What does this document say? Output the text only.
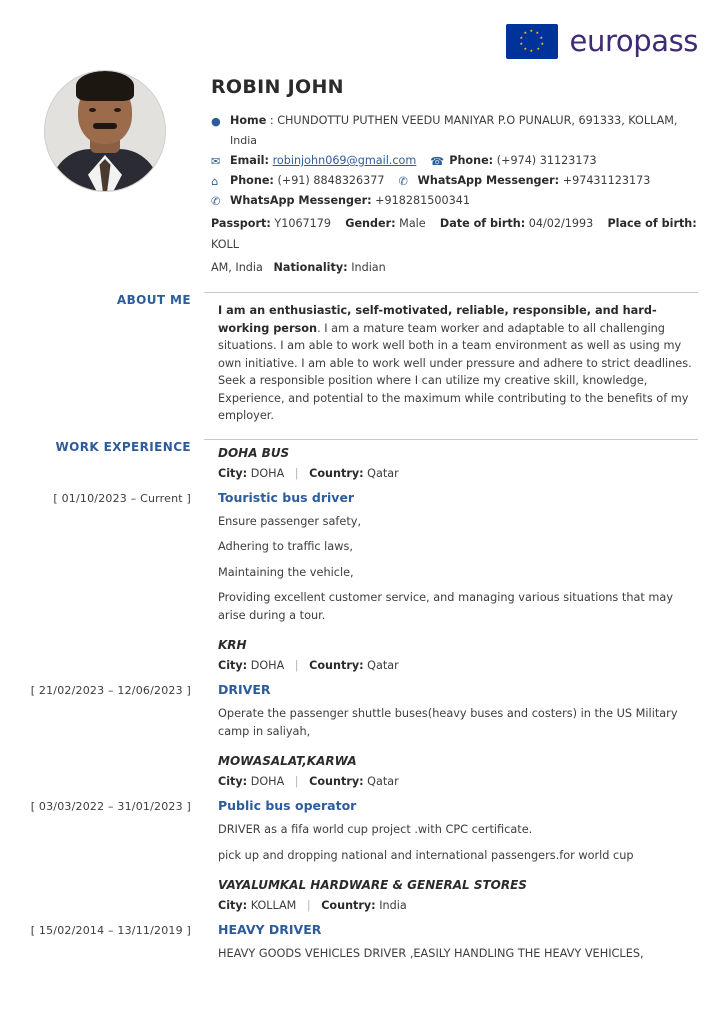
★ ★
★
★
★
★
★
★
★
★ europass
ROBIN JOHN
● Home
:
CHUNDOTTU PUTHEN VEEDU MANIYAR P.O PUNALUR, 691333, KOLLAM,
India
✉ Email:
robinjohn069@gmail.com ☎ Phone:
(+974) 31123173
⌂	Phone:
(+91) 8848326377 ✆ WhatsApp Messenger:
+97431123173
✆ WhatsApp Messenger:
+918281500341
Passport: Y1067179 Gender: Male Date of birth: 04/02/1993 Place of birth: KOLL
AM, India Nationality: Indian
ABOUT ME

I am an enthusiastic, self-motivated, reliable, responsible, and hard-working person. I am a mature team worker and adaptable to all challenging situations. I am able to work well both in a team environment as well as using my own initiative. I am able to work well under pressure and adhere to strict deadlines. Seek a responsible position where I can utilize my creative skill, knowledge, Experience, and potential to the maximum while contributing to the benefits of my employer.

WORK EXPERIENCE	DOHA BUS
City: DOHA | Country: Qatar
[ 01/10/2023 – Current ]	Touristic bus driver
Ensure passenger safety,
Adhering to traffic laws,
Maintaining the vehicle,
Providing excellent customer service, and managing various situations that may arise during a tour.
KRH
City: DOHA | Country: Qatar
[ 21/02/2023 – 12/06/2023 ]	DRIVER
Operate the passenger shuttle buses(heavy buses and costers) in the US Military camp in saliyah,
MOWASALAT,KARWA
City: DOHA | Country: Qatar
[ 03/03/2022 – 31/01/2023 ]	Public bus operator
DRIVER as a fifa world cup project .with CPC certificate.
pick up and dropping national and international passengers.for world cup
VAYALUMKAL HARDWARE & GENERAL STORES
City: KOLLAM | Country: India
[ 15/02/2014 – 13/11/2019 ]	HEAVY DRIVER
HEAVY GOODS VEHICLES DRIVER ,EASILY HANDLING THE HEAVY VEHICLES,
